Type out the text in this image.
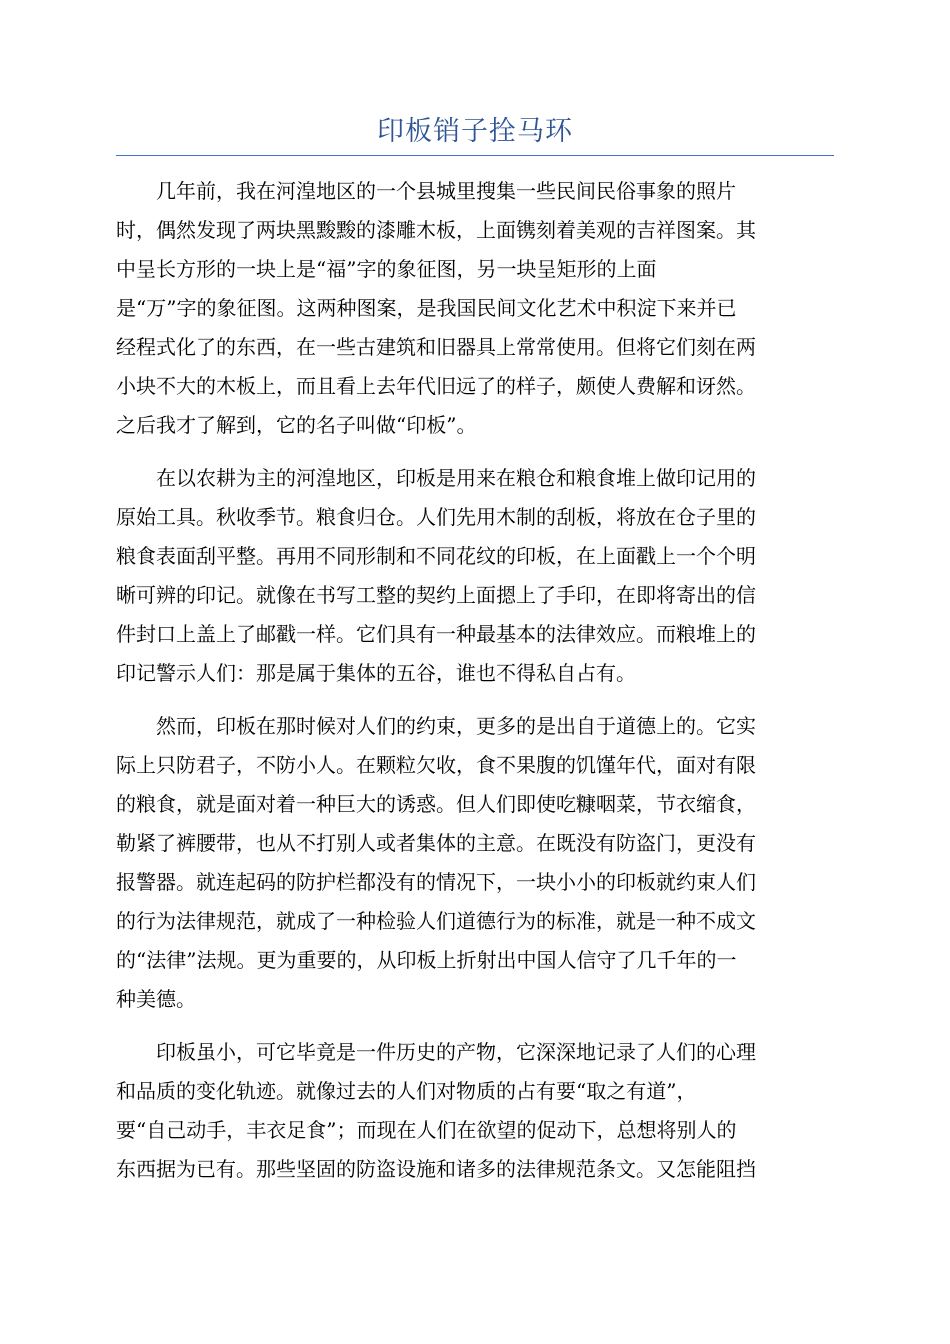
印板销子拴马环
几年前，我在河湟地区的一个县城里搜集一些民间民俗事象的照片
时，偶然发现了两块黑黢黢的漆雕木板，上面镌刻着美观的吉祥图案。其
中呈长方形的一块上是“福”字的象征图，另一块呈矩形的上面
是“万”字的象征图。这两种图案，是我国民间文化艺术中积淀下来并已
经程式化了的东西，在一些古建筑和旧器具上常常使用。但将它们刻在两
小块不大的木板上，而且看上去年代旧远了的样子，颇使人费解和讶然。
之后我才了解到，它的名子叫做“印板”。
在以农耕为主的河湟地区，印板是用来在粮仓和粮食堆上做印记用的
原始工具。秋收季节。粮食归仓。人们先用木制的刮板，将放在仓子里的
粮食表面刮平整。再用不同形制和不同花纹的印板，在上面戳上一个个明
晰可辨的印记。就像在书写工整的契约上面摁上了手印，在即将寄出的信
件封口上盖上了邮戳一样。它们具有一种最基本的法律效应。而粮堆上的
印记警示人们：那是属于集体的五谷，谁也不得私自占有。
然而，印板在那时候对人们的约束，更多的是出自于道德上的。它实
际上只防君子，不防小人。在颗粒欠收，食不果腹的饥馑年代，面对有限
的粮食，就是面对着一种巨大的诱惑。但人们即使吃糠咽菜，节衣缩食，
勒紧了裤腰带，也从不打别人或者集体的主意。在既没有防盗门，更没有
报警器。就连起码的防护栏都没有的情况下，一块小小的印板就约束人们
的行为法律规范，就成了一种检验人们道德行为的标准，就是一种不成文
的“法律”法规。更为重要的，从印板上折射出中国人信守了几千年的一
种美德。
印板虽小，可它毕竟是一件历史的产物，它深深地记录了人们的心理
和品质的变化轨迹。就像过去的人们对物质的占有要“取之有道”，
要“自己动手，丰衣足食”；而现在人们在欲望的促动下，总想将别人的
东西据为已有。那些坚固的防盗设施和诸多的法律规范条文。又怎能阻挡
